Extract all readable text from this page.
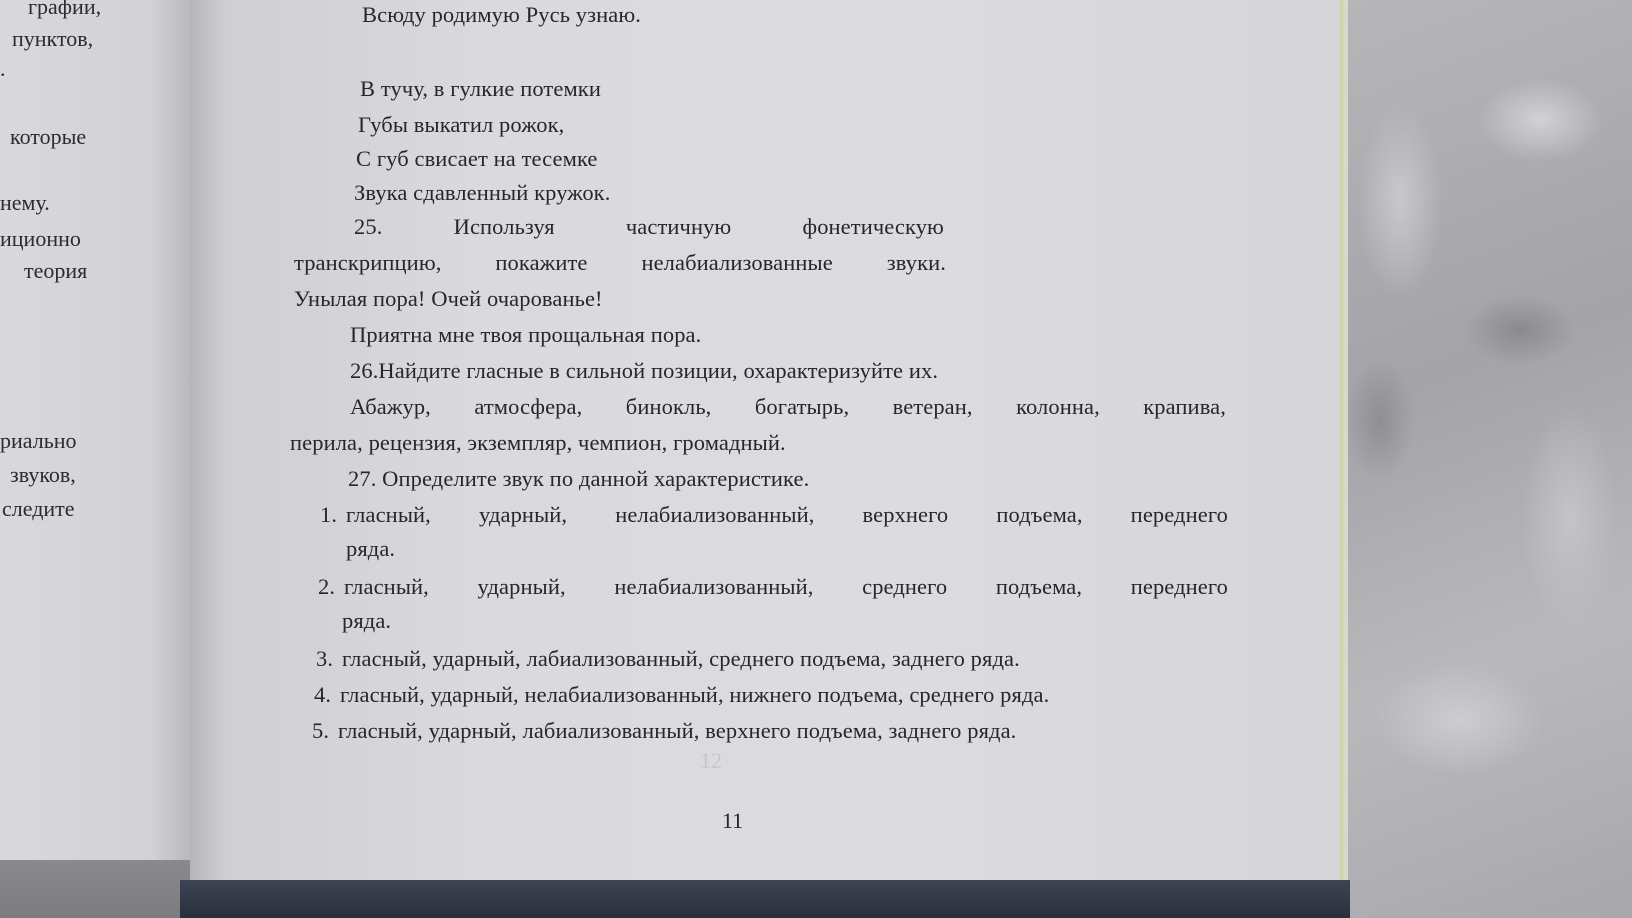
графии,
пунктов,
.
которые
нему.
иционно
теория
риально
звуков,
следите
12
Всюду родимую Русь узнаю.
В тучу, в гулкие потемки
Губы выкатил рожок,
С губ свисает на тесемке
Звука сдавленный кружок.
25.	Используя	частичную	фонетическую
транскрипцию, покажите нелабиализованные звуки.
Унылая пора! Очей очарованье!
Приятна мне твоя прощальная пора.
26.Найдите гласные в сильной позиции, охарактеризуйте их.
Абажур, атмосфера, бинокль, богатырь, ветеран, колонна, крапива,
перила, рецензия, экземпляр, чемпион, громадный.
27. Определите звук по данной характеристике.
1. гласный, ударный, нелабиализованный, верхнего подъема, переднего
ряда.
2. гласный, ударный, нелабиализованный, среднего подъема, переднего
ряда.
3. гласный, ударный, лабиализованный, среднего подъема, заднего ряда.
4. гласный, ударный, нелабиализованный, нижнего подъема, среднего ряда.
5. гласный, ударный, лабиализованный, верхнего подъема, заднего ряда.
11
